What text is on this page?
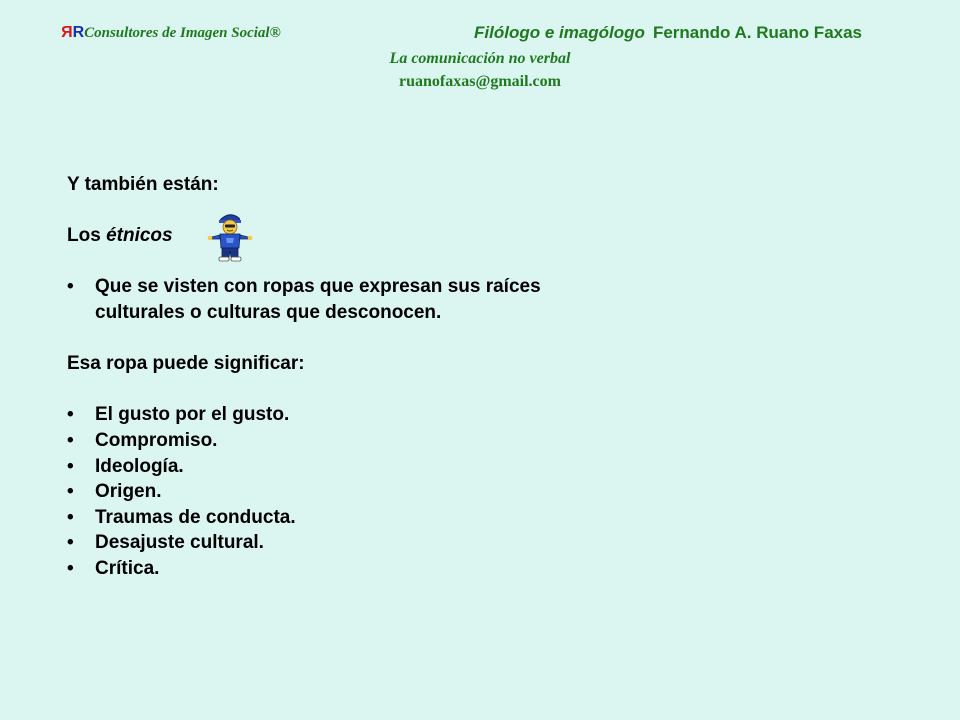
RRConsultores de Imagen Social®	Filólogo e imagólogo Fernando A. Ruano Faxas
La comunicación no verbal
ruanofaxas@gmail.com

Y también están:

Los étnicos

• Que se visten con ropas que expresan sus raíces culturales o culturas que desconocen.

Esa ropa puede significar:

• El gusto por el gusto.
• Compromiso.
• Ideología.
• Origen.
• Traumas de conducta.
• Desajuste cultural.
• Crítica.
